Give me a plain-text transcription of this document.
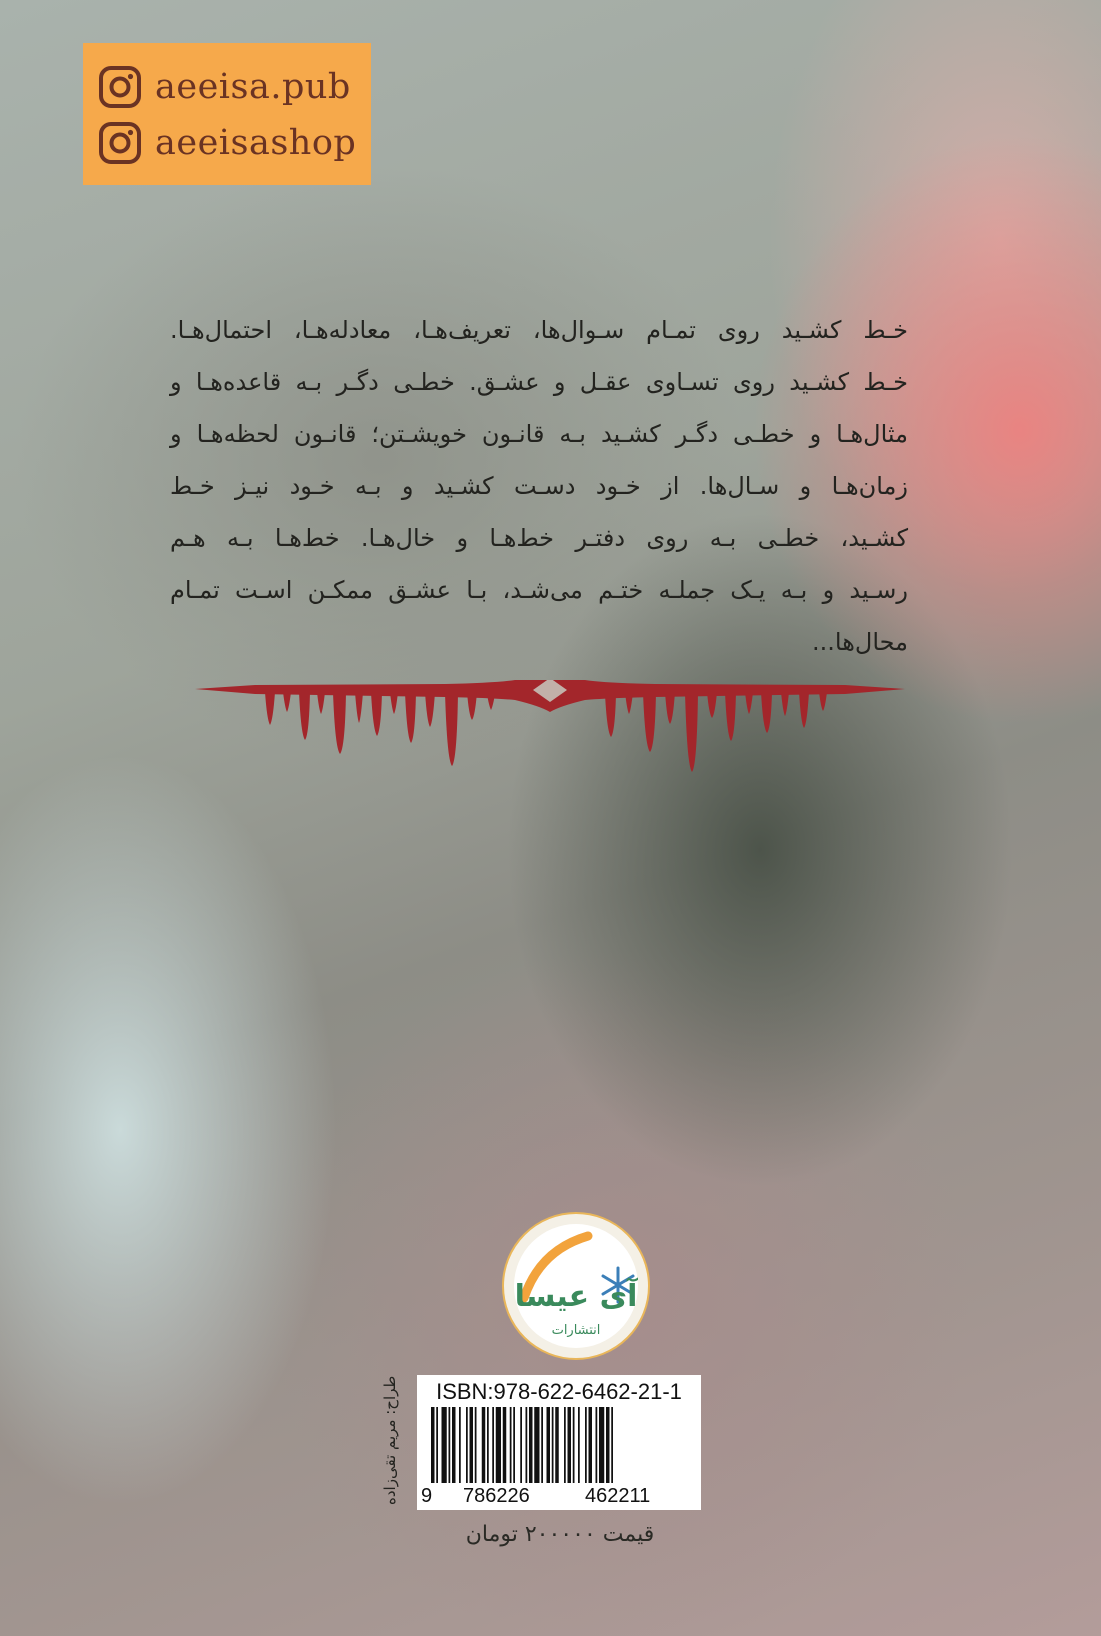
aeeisa.pub
aeeisashop
خـط کشـید روی تمـام سـوال‌ها، تعریف‌هـا، معادله‌هـا، احتمال‌هـا.
خـط کشـید روی تسـاوی عقـل و عشـق. خطـی دگـر بـه قاعده‌هـا و
مثال‌هـا و خطـی دگـر کشـید بـه قانـون خویشـتن؛ قانـون لحظه‌هـا و
زمان‌هـا و سـال‌ها. از خـود دسـت کشـید و بـه خـود نیـز خـط
کشـید، خطـی بـه روی دفتـر خط‌هـا و خال‌هـا. خط‌هـا بـه هـم
رسـید و بـه یـک جملـه ختـم می‌شـد، بـا عشـق ممکـن اسـت تمـام
محال‌ها...
آی عیسا
انتشارات
طراح: مریم تقی‌زاده	ISBN:978-622-6462-21-1
9 786226	462211
قیمت ۲۰۰۰۰۰ تومان
